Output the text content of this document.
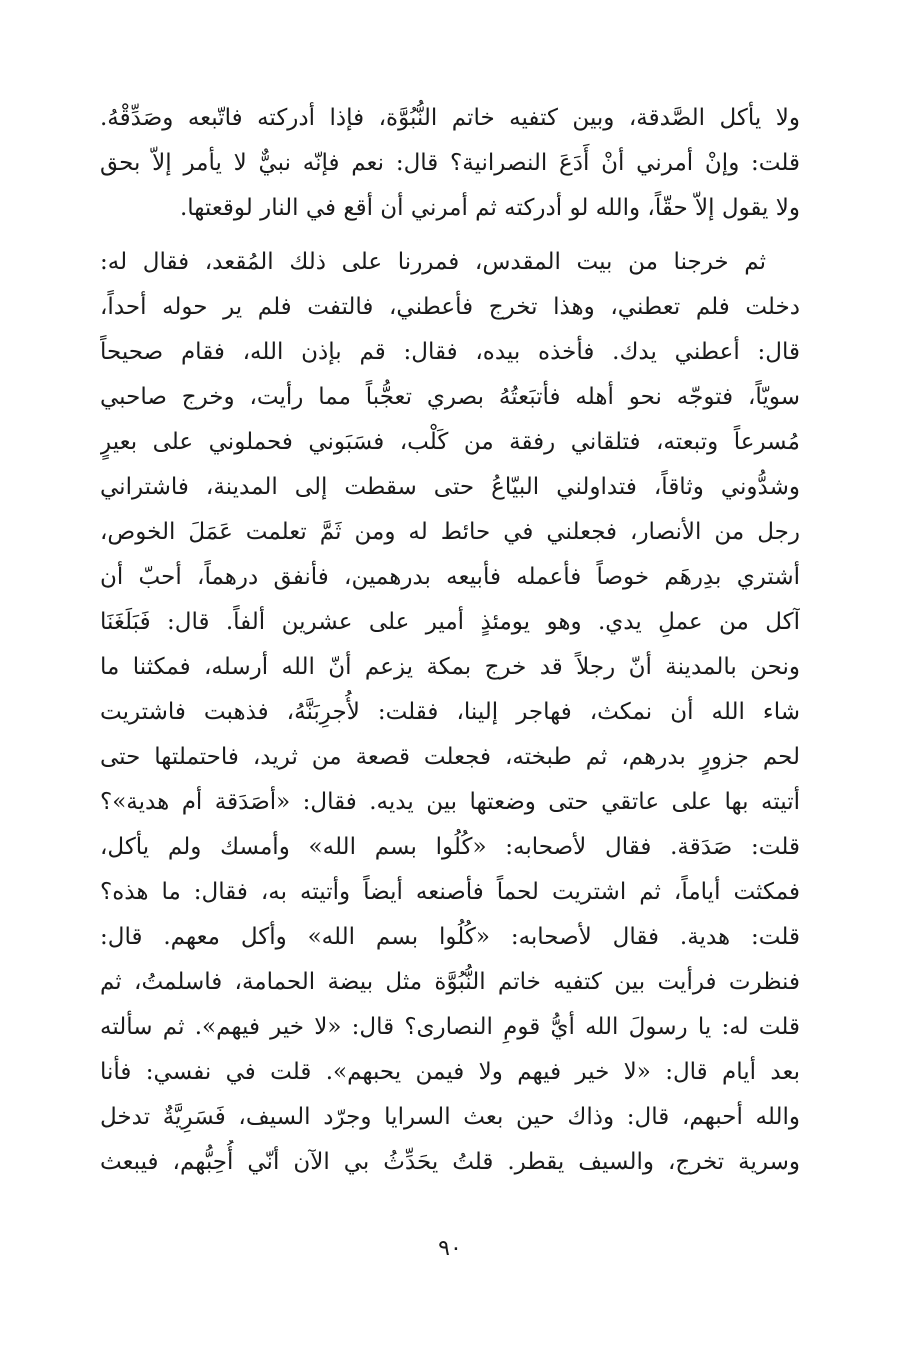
ولا يأكل الصَّدقة، وبين كتفيه خاتم النُّبُوَّة، فإذا أدركته فاتّبعه وصَدِّقْهُ.
قلت: وإنْ أمرني أنْ أَدَعَ النصرانية؟ قال: نعم فإنّه نبيٌّ لا يأمر إلاّ بحق
ولا يقول إلاّ حقّاً، والله لو أدركته ثم أمرني أن أقع في النار لوقعتها.
ثم خرجنا من بيت المقدس، فمررنا على ذلك المُقعد، فقال له:
دخلت فلم تعطني، وهذا تخرج فأعطني، فالتفت فلم ير حوله أحداً،
قال: أعطني يدك. فأخذه بيده، فقال: قم بإذن الله، فقام صحيحاً
سويّاً، فتوجّه نحو أهله فأتبَعتُهُ بصري تعجُّباً مما رأيت، وخرج صاحبي
مُسرعاً وتبعته، فتلقاني رفقة من كَلْب، فسَبَوني فحملوني على بعيرٍ
وشدُّوني وثاقاً، فتداولني البيّاعُ حتى سقطت إلى المدينة، فاشتراني
رجل من الأنصار، فجعلني في حائط له ومن ثَمَّ تعلمت عَمَلَ الخوص،
أشتري بدِرهَم خوصاً فأعمله فأبيعه بدرهمين، فأنفق درهماً، أحبّ أن
آكل من عملِ يدي. وهو يومئذٍ أمير على عشرين ألفاً. قال: فَبَلَغَنَا
ونحن بالمدينة أنّ رجلاً قد خرج بمكة يزعم أنّ الله أرسله، فمكثنا ما
شاء الله أن نمكث، فهاجر إلينا، فقلت: لأُجرِبَنَّهُ، فذهبت فاشتريت
لحم جزورٍ بدرهم، ثم طبخته، فجعلت قصعة من ثريد، فاحتملتها حتى
أتيته بها على عاتقي حتى وضعتها بين يديه. فقال: «أصَدَقة أم هدية»؟
قلت: صَدَقة. فقال لأصحابه: «كُلُوا بسم الله» وأمسك ولم يأكل،
فمكثت أياماً، ثم اشتريت لحماً فأصنعه أيضاً وأتيته به، فقال: ما هذه؟
قلت: هدية. فقال لأصحابه: «كُلُوا بسم الله» وأكل معهم. قال:
فنظرت فرأيت بين كتفيه خاتم النُّبُوَّة مثل بيضة الحمامة، فاسلمتُ، ثم
قلت له: يا رسولَ الله أيُّ قومِ النصارى؟ قال: «لا خير فيهم». ثم سألته
بعد أيام قال: «لا خير فيهم ولا فيمن يحبهم». قلت في نفسي: فأنا
والله أحبهم، قال: وذاك حين بعث السرايا وجرّد السيف، فَسَرِيَّةٌ تدخل
وسرية تخرج، والسيف يقطر. قلتُ يحَدِّثُ بي الآن أنّي أُحِبُّهم، فيبعث
٩٠
